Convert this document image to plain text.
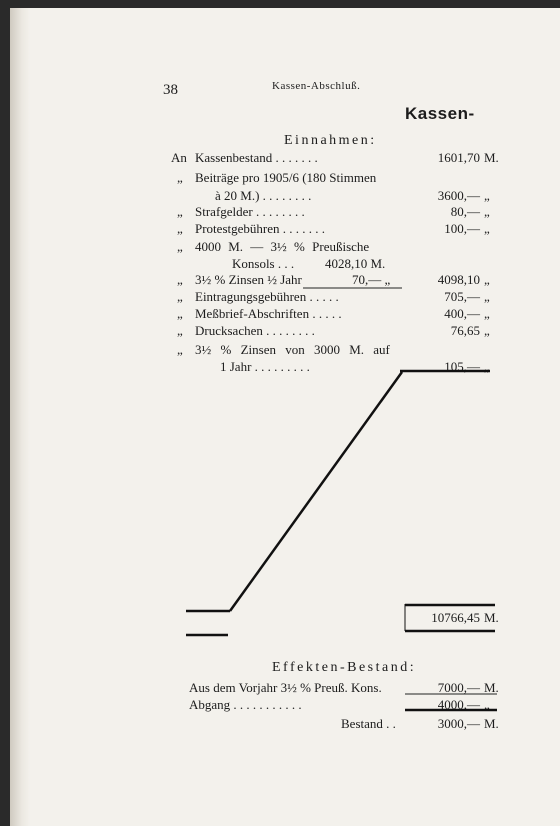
38	Kassen-Abschluß.
Kassen-
Einnahmen:
An Kassenbestand . . . . . . .	1601,70 M.
„ Beiträge pro 1905/6 (180 Stimmen
à 20 M.) . . . . . . . .	3600,— „
„ Strafgelder . . . . . . . .	80,— „
„ Protestgebühren . . . . . . .	100,— „
„ 4000 M. — 3½ % Preußische
Konsols . . . 4028,10 M.
„ 3½ % Zinsen ½ Jahr	70,— „	4098,10 „
„ Eintragungsgebühren . . . . .	705,— „
„ Meßbrief-Abschriften . . . . .	400,— „
„ Drucksachen . . . . . . . .	76,65 „
„ 3½ % Zinsen von 3000 M. auf
1 Jahr . . . . . . . . .	105,— „
10766,45 M.
Effekten-Bestand:
Aus dem Vorjahr 3½ % Preuß. Kons.	7000,— M.
Abgang . . . . . . . . . . .	4000,— „
Bestand . .	3000,— M.
